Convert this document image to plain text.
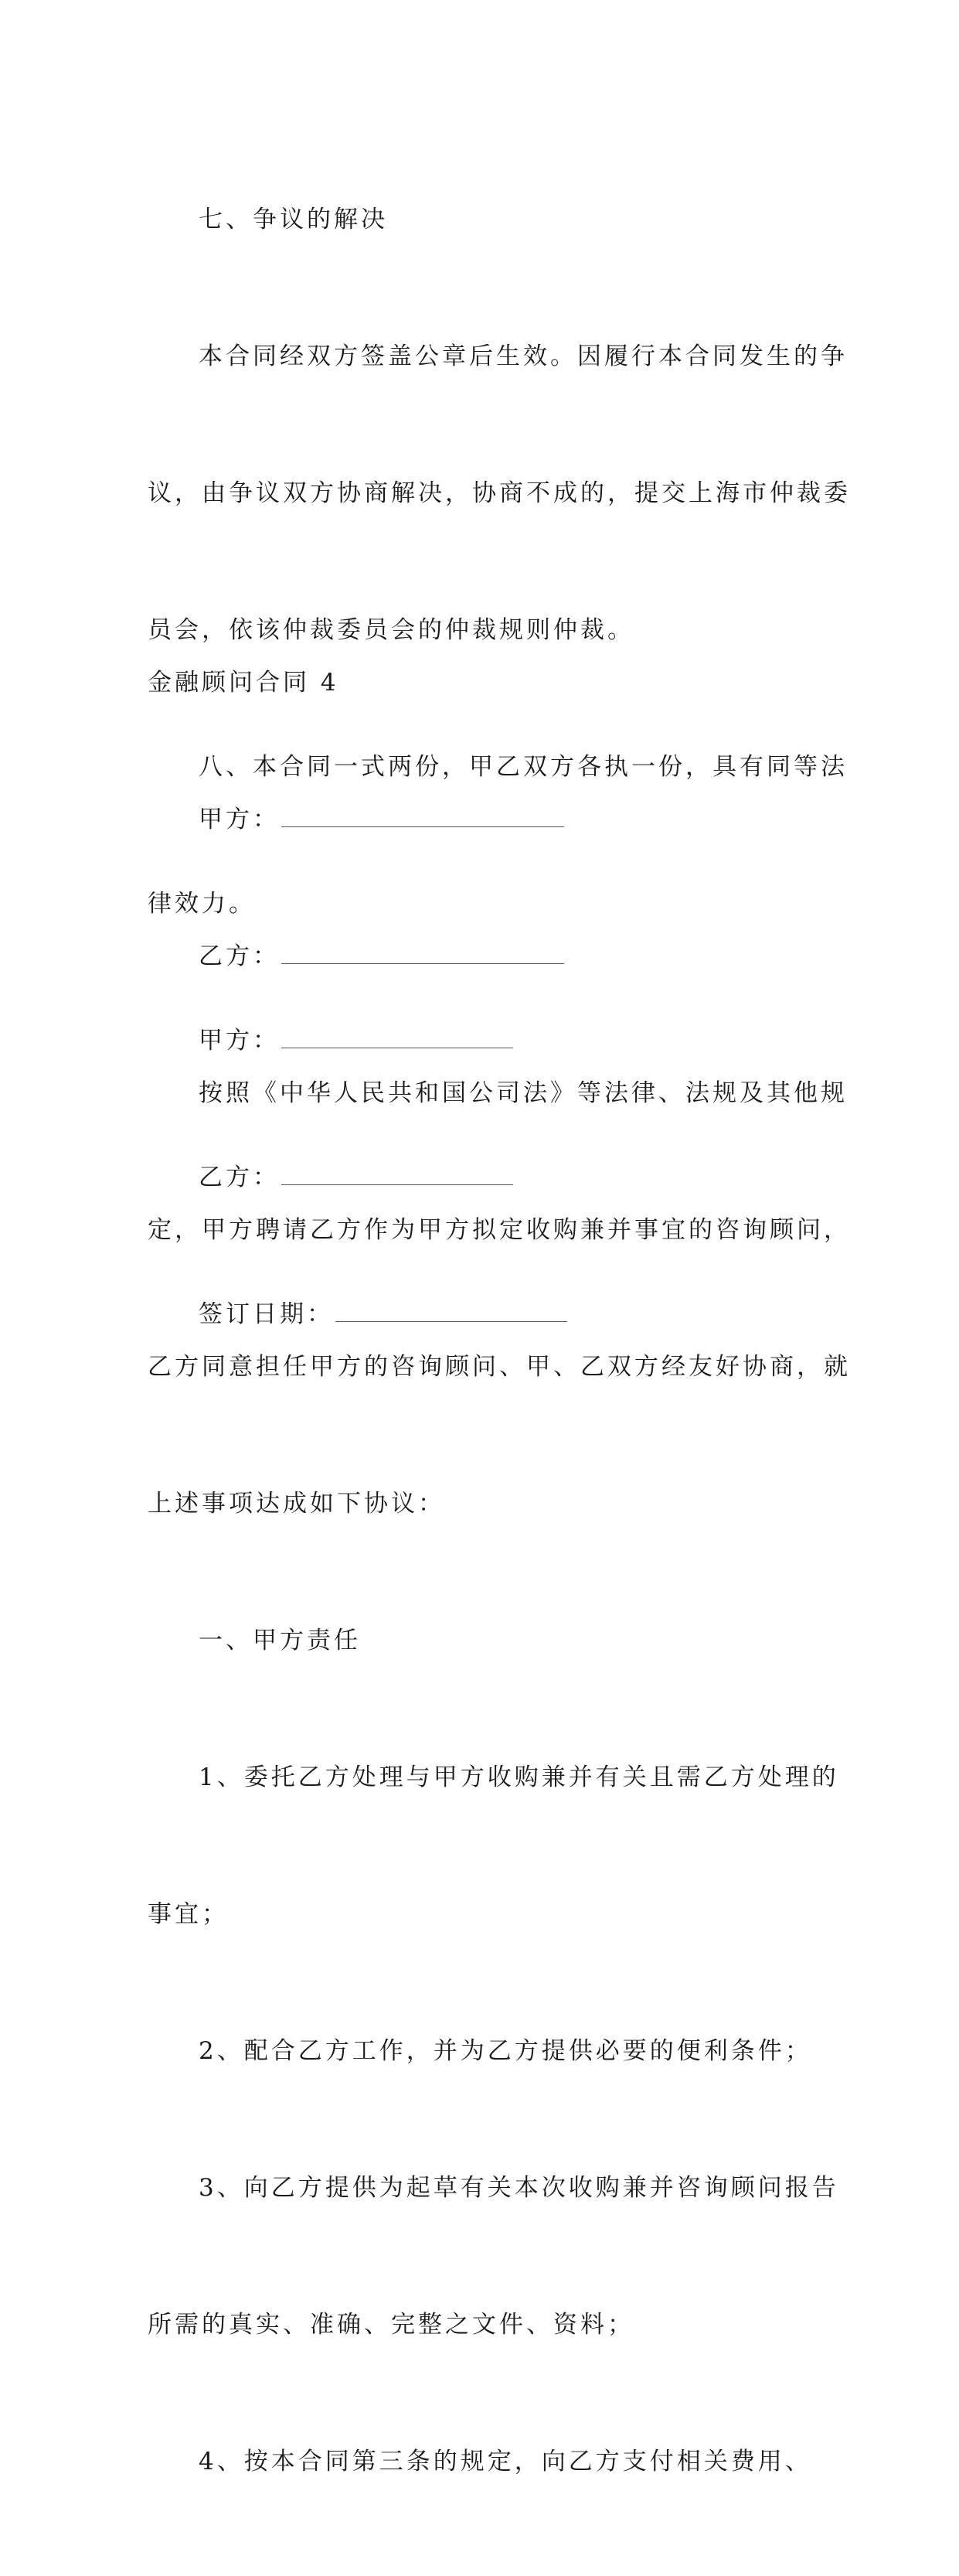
七、争议的解决

本合同经双方签盖公章后生效。因履行本合同发生的争

议，由争议双方协商解决，协商不成的，提交上海市仲裁委

员会，依该仲裁委员会的仲裁规则仲裁。

八、本合同一式两份，甲乙双方各执一份，具有同等法

律效力。

甲方：

乙方：

签订日期：

金融顾问合同 4

甲方：

乙方：

按照《中华人民共和国公司法》等法律、法规及其他规

定，甲方聘请乙方作为甲方拟定收购兼并事宜的咨询顾问，

乙方同意担任甲方的咨询顾问、甲、乙双方经友好协商，就

上述事项达成如下协议：

一、甲方责任

1、委托乙方处理与甲方收购兼并有关且需乙方处理的

事宜；

2、配合乙方工作，并为乙方提供必要的便利条件；

3、向乙方提供为起草有关本次收购兼并咨询顾问报告

所需的真实、准确、完整之文件、资料；

4、按本合同第三条的规定，向乙方支付相关费用、
